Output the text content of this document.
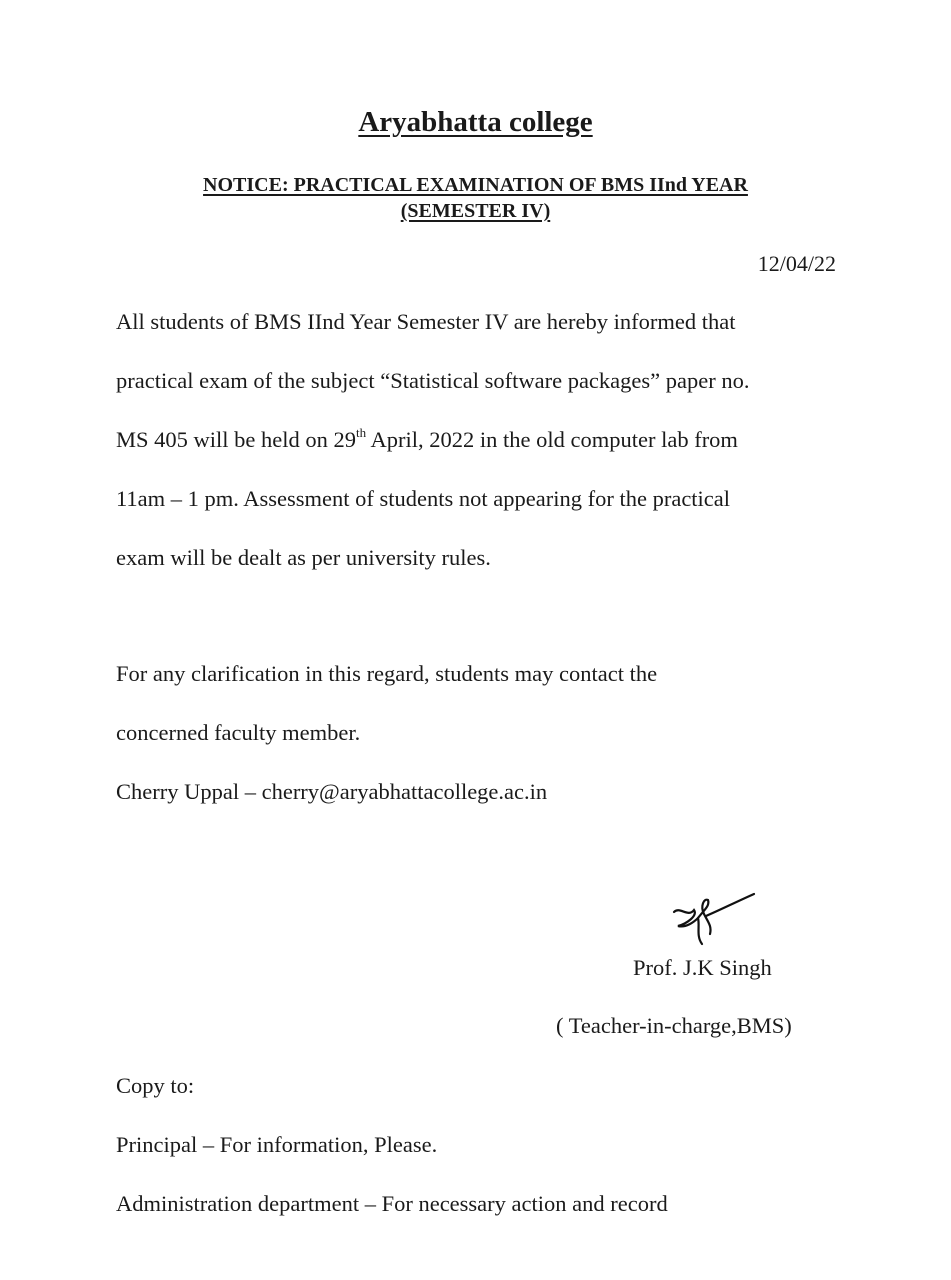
Aryabhatta college
NOTICE: PRACTICAL EXAMINATION OF BMS IInd YEAR
(SEMESTER IV)
12/04/22
All students of BMS IInd Year Semester IV are hereby informed that
practical exam of the subject “Statistical software packages” paper no.
MS 405 will be held on 29th April, 2022 in the old computer lab from
11am – 1 pm. Assessment of students not appearing for the practical
exam will be dealt as per university rules.
For any clarification in this regard, students may contact the
concerned faculty member.
Cherry Uppal – cherry@aryabhattacollege.ac.in
Prof. J.K Singh
( Teacher-in-charge,BMS)
Copy to:
Principal – For information, Please.
Administration department – For necessary action and record
